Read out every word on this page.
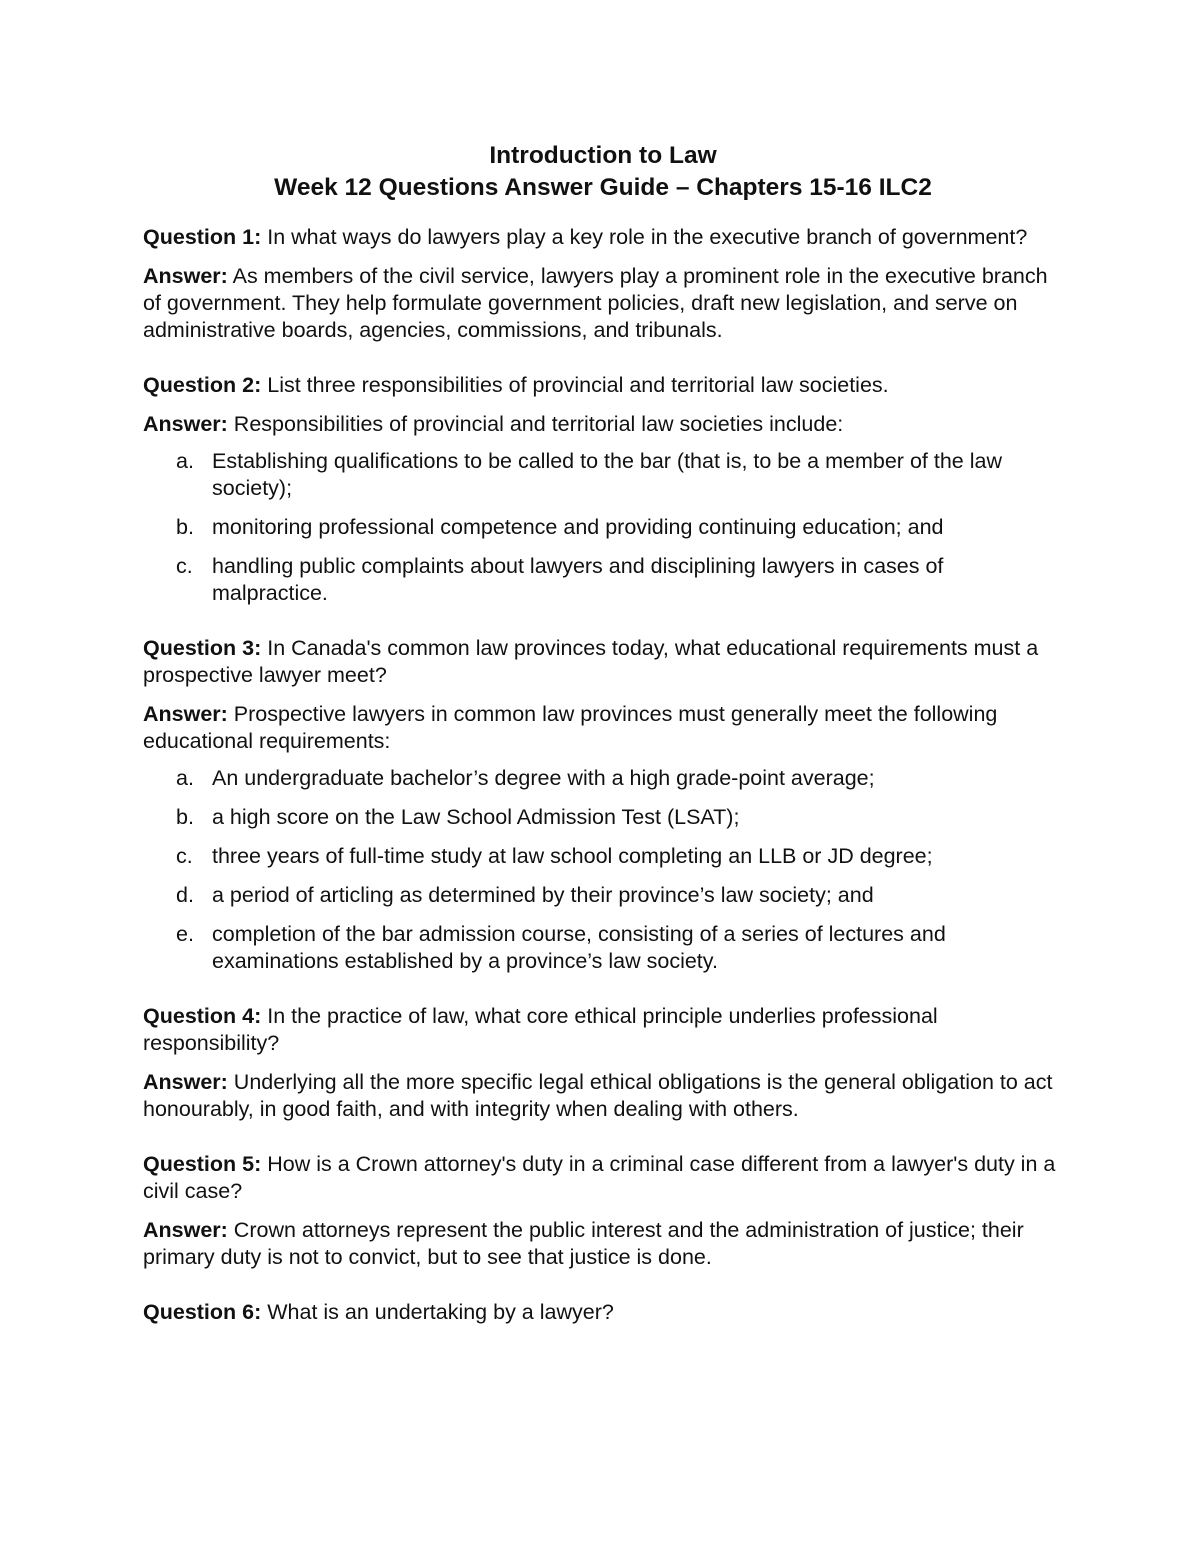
Introduction to Law

Week 12 Questions Answer Guide – Chapters 15-16 ILC2

Question 1: In what ways do lawyers play a key role in the executive branch of government?

Answer: As members of the civil service, lawyers play a prominent role in the executive branch of government. They help formulate government policies, draft new legislation, and serve on administrative boards, agencies, commissions, and tribunals.

Question 2: List three responsibilities of provincial and territorial law societies.

Answer: Responsibilities of provincial and territorial law societies include:

a. Establishing qualifications to be called to the bar (that is, to be a member of the law society);
b. monitoring professional competence and providing continuing education; and
c. handling public complaints about lawyers and disciplining lawyers in cases of malpractice.

Question 3: In Canada's common law provinces today, what educational requirements must a prospective lawyer meet?

Answer: Prospective lawyers in common law provinces must generally meet the following educational requirements:

a. An undergraduate bachelor’s degree with a high grade-point average;
b. a high score on the Law School Admission Test (LSAT);
c. three years of full-time study at law school completing an LLB or JD degree;
d. a period of articling as determined by their province’s law society; and
e. completion of the bar admission course, consisting of a series of lectures and examinations established by a province’s law society.

Question 4: In the practice of law, what core ethical principle underlies professional responsibility?

Answer: Underlying all the more specific legal ethical obligations is the general obligation to act honourably, in good faith, and with integrity when dealing with others.

Question 5: How is a Crown attorney's duty in a criminal case different from a lawyer's duty in a civil case?

Answer: Crown attorneys represent the public interest and the administration of justice; their primary duty is not to convict, but to see that justice is done.

Question 6: What is an undertaking by a lawyer?
